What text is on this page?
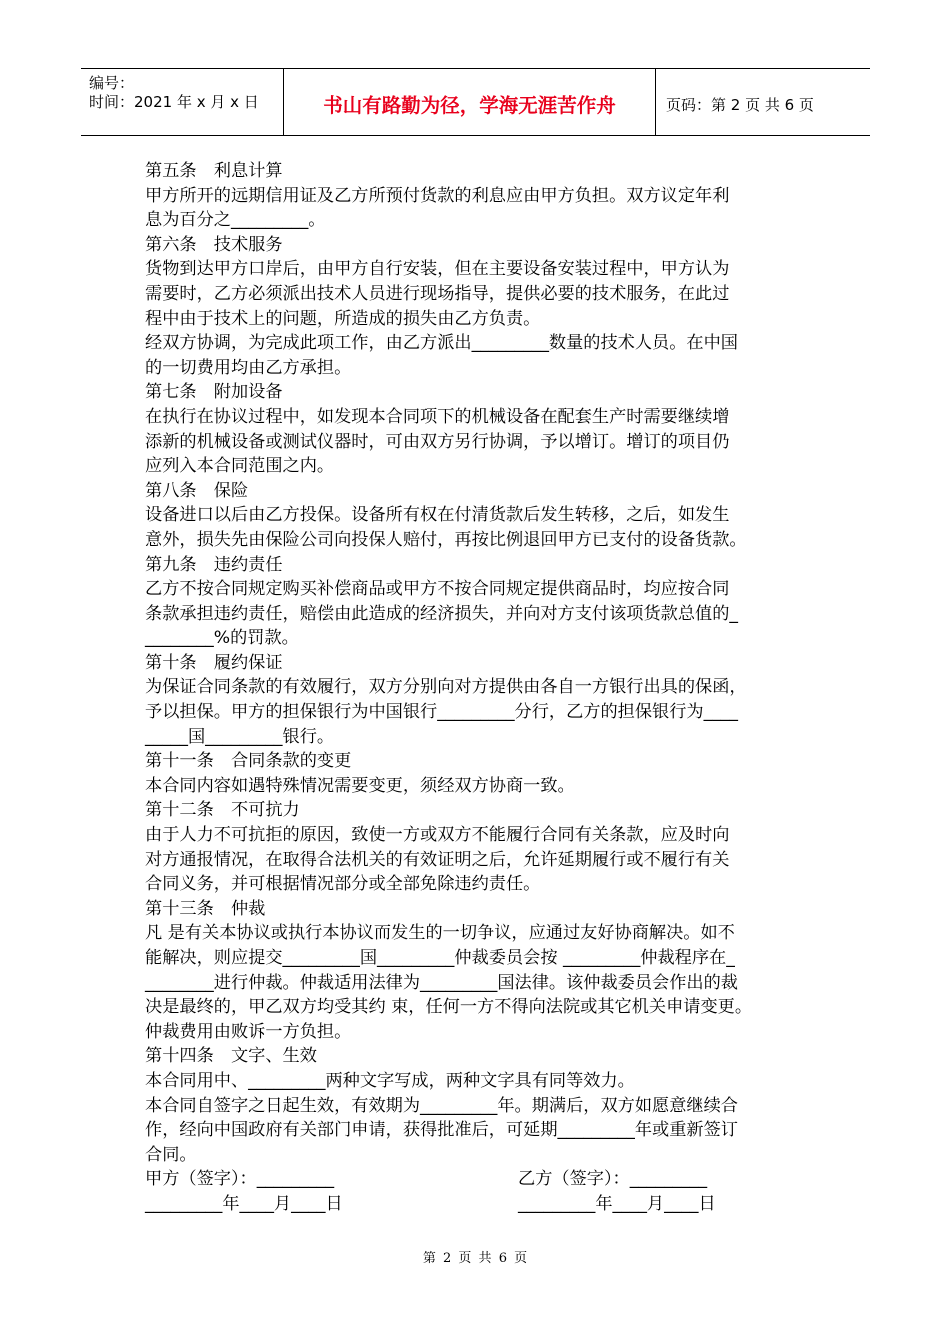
编号：
时间：2021 年 x 月 x 日	书山有路勤为径，学海无涯苦作舟	页码：第 2 页 共 6 页
第五条　利息计算
甲方所开的远期信用证及乙方所预付货款的利息应由甲方负担。双方议定年利
息为百分之_________。
第六条　技术服务
货物到达甲方口岸后，由甲方自行安装，但在主要设备安装过程中，甲方认为
需要时，乙方必须派出技术人员进行现场指导，提供必要的技术服务，在此过
程中由于技术上的问题，所造成的损失由乙方负责。
经双方协调，为完成此项工作，由乙方派出_________数量的技术人员。在中国
的一切费用均由乙方承担。
第七条　附加设备
在执行在协议过程中，如发现本合同项下的机械设备在配套生产时需要继续增
添新的机械设备或测试仪器时，可由双方另行协调，予以增订。增订的项目仍
应列入本合同范围之内。
第八条　保险
设备进口以后由乙方投保。设备所有权在付清货款后发生转移，之后，如发生
意外，损失先由保险公司向投保人赔付，再按比例退回甲方已支付的设备货款。
第九条　违约责任
乙方不按合同规定购买补偿商品或甲方不按合同规定提供商品时，均应按合同
条款承担违约责任，赔偿由此造成的经济损失，并向对方支付该项货款总值的_
________%的罚款。
第十条　履约保证
为保证合同条款的有效履行，双方分别向对方提供由各自一方银行出具的保函，
予以担保。甲方的担保银行为中国银行_________分行，乙方的担保银行为____
_____国_________银行。
第十一条　合同条款的变更
本合同内容如遇特殊情况需要变更，须经双方协商一致。
第十二条　不可抗力
由于人力不可抗拒的原因，致使一方或双方不能履行合同有关条款，应及时向
对方通报情况，在取得合法机关的有效证明之后，允许延期履行或不履行有关
合同义务，并可根据情况部分或全部免除违约责任。
第十三条　仲裁
凡 是有关本协议或执行本协议而发生的一切争议，应通过友好协商解决。如不
能解决，则应提交_________国_________仲裁委员会按 _________仲裁程序在_
________进行仲裁。仲裁适用法律为_________国法律。该仲裁委员会作出的裁
决是最终的，甲乙双方均受其约 束，任何一方不得向法院或其它机关申请变更。
仲裁费用由败诉一方负担。
第十四条　文字、生效
本合同用中、_________两种文字写成，两种文字具有同等效力。
本合同自签字之日起生效，有效期为_________年。期满后，双方如愿意继续合
作，经向中国政府有关部门申请，获得批准后，可延期_________年或重新签订
合同。

甲方（签字）：_________

	乙方（签字）：_________

_________年____月____日

	_________年____月____日

第 2 页 共 6 页
